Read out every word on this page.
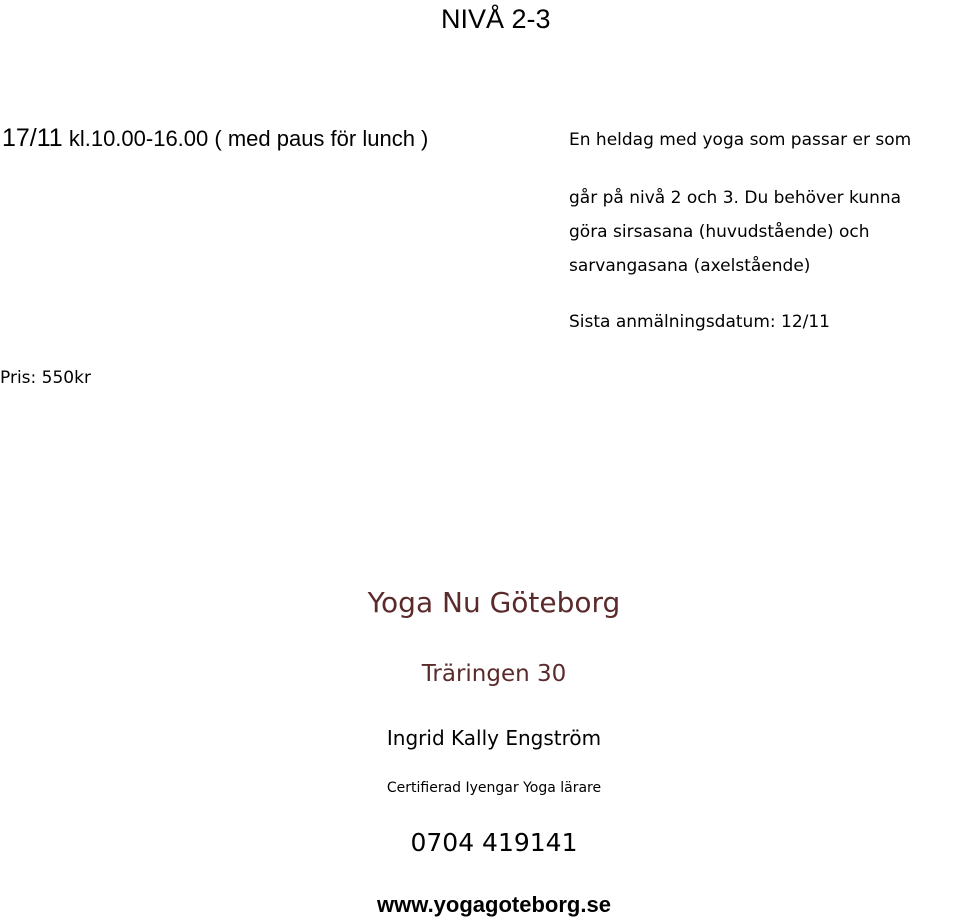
NIVÅ 2-3
17/11 kl.10.00-16.00 ( med paus för lunch )	En heldag med yoga som passar er som
går på nivå 2 och 3. Du behöver kunna
göra sirsasana (huvudstående) och
sarvangasana (axelstående)
Sista anmälningsdatum: 12/11
Pris: 550kr
Yoga Nu Göteborg
Träringen 30
Ingrid Kally Engström
Certifierad Iyengar Yoga lärare
0704 419141
www.yogagoteborg.se
